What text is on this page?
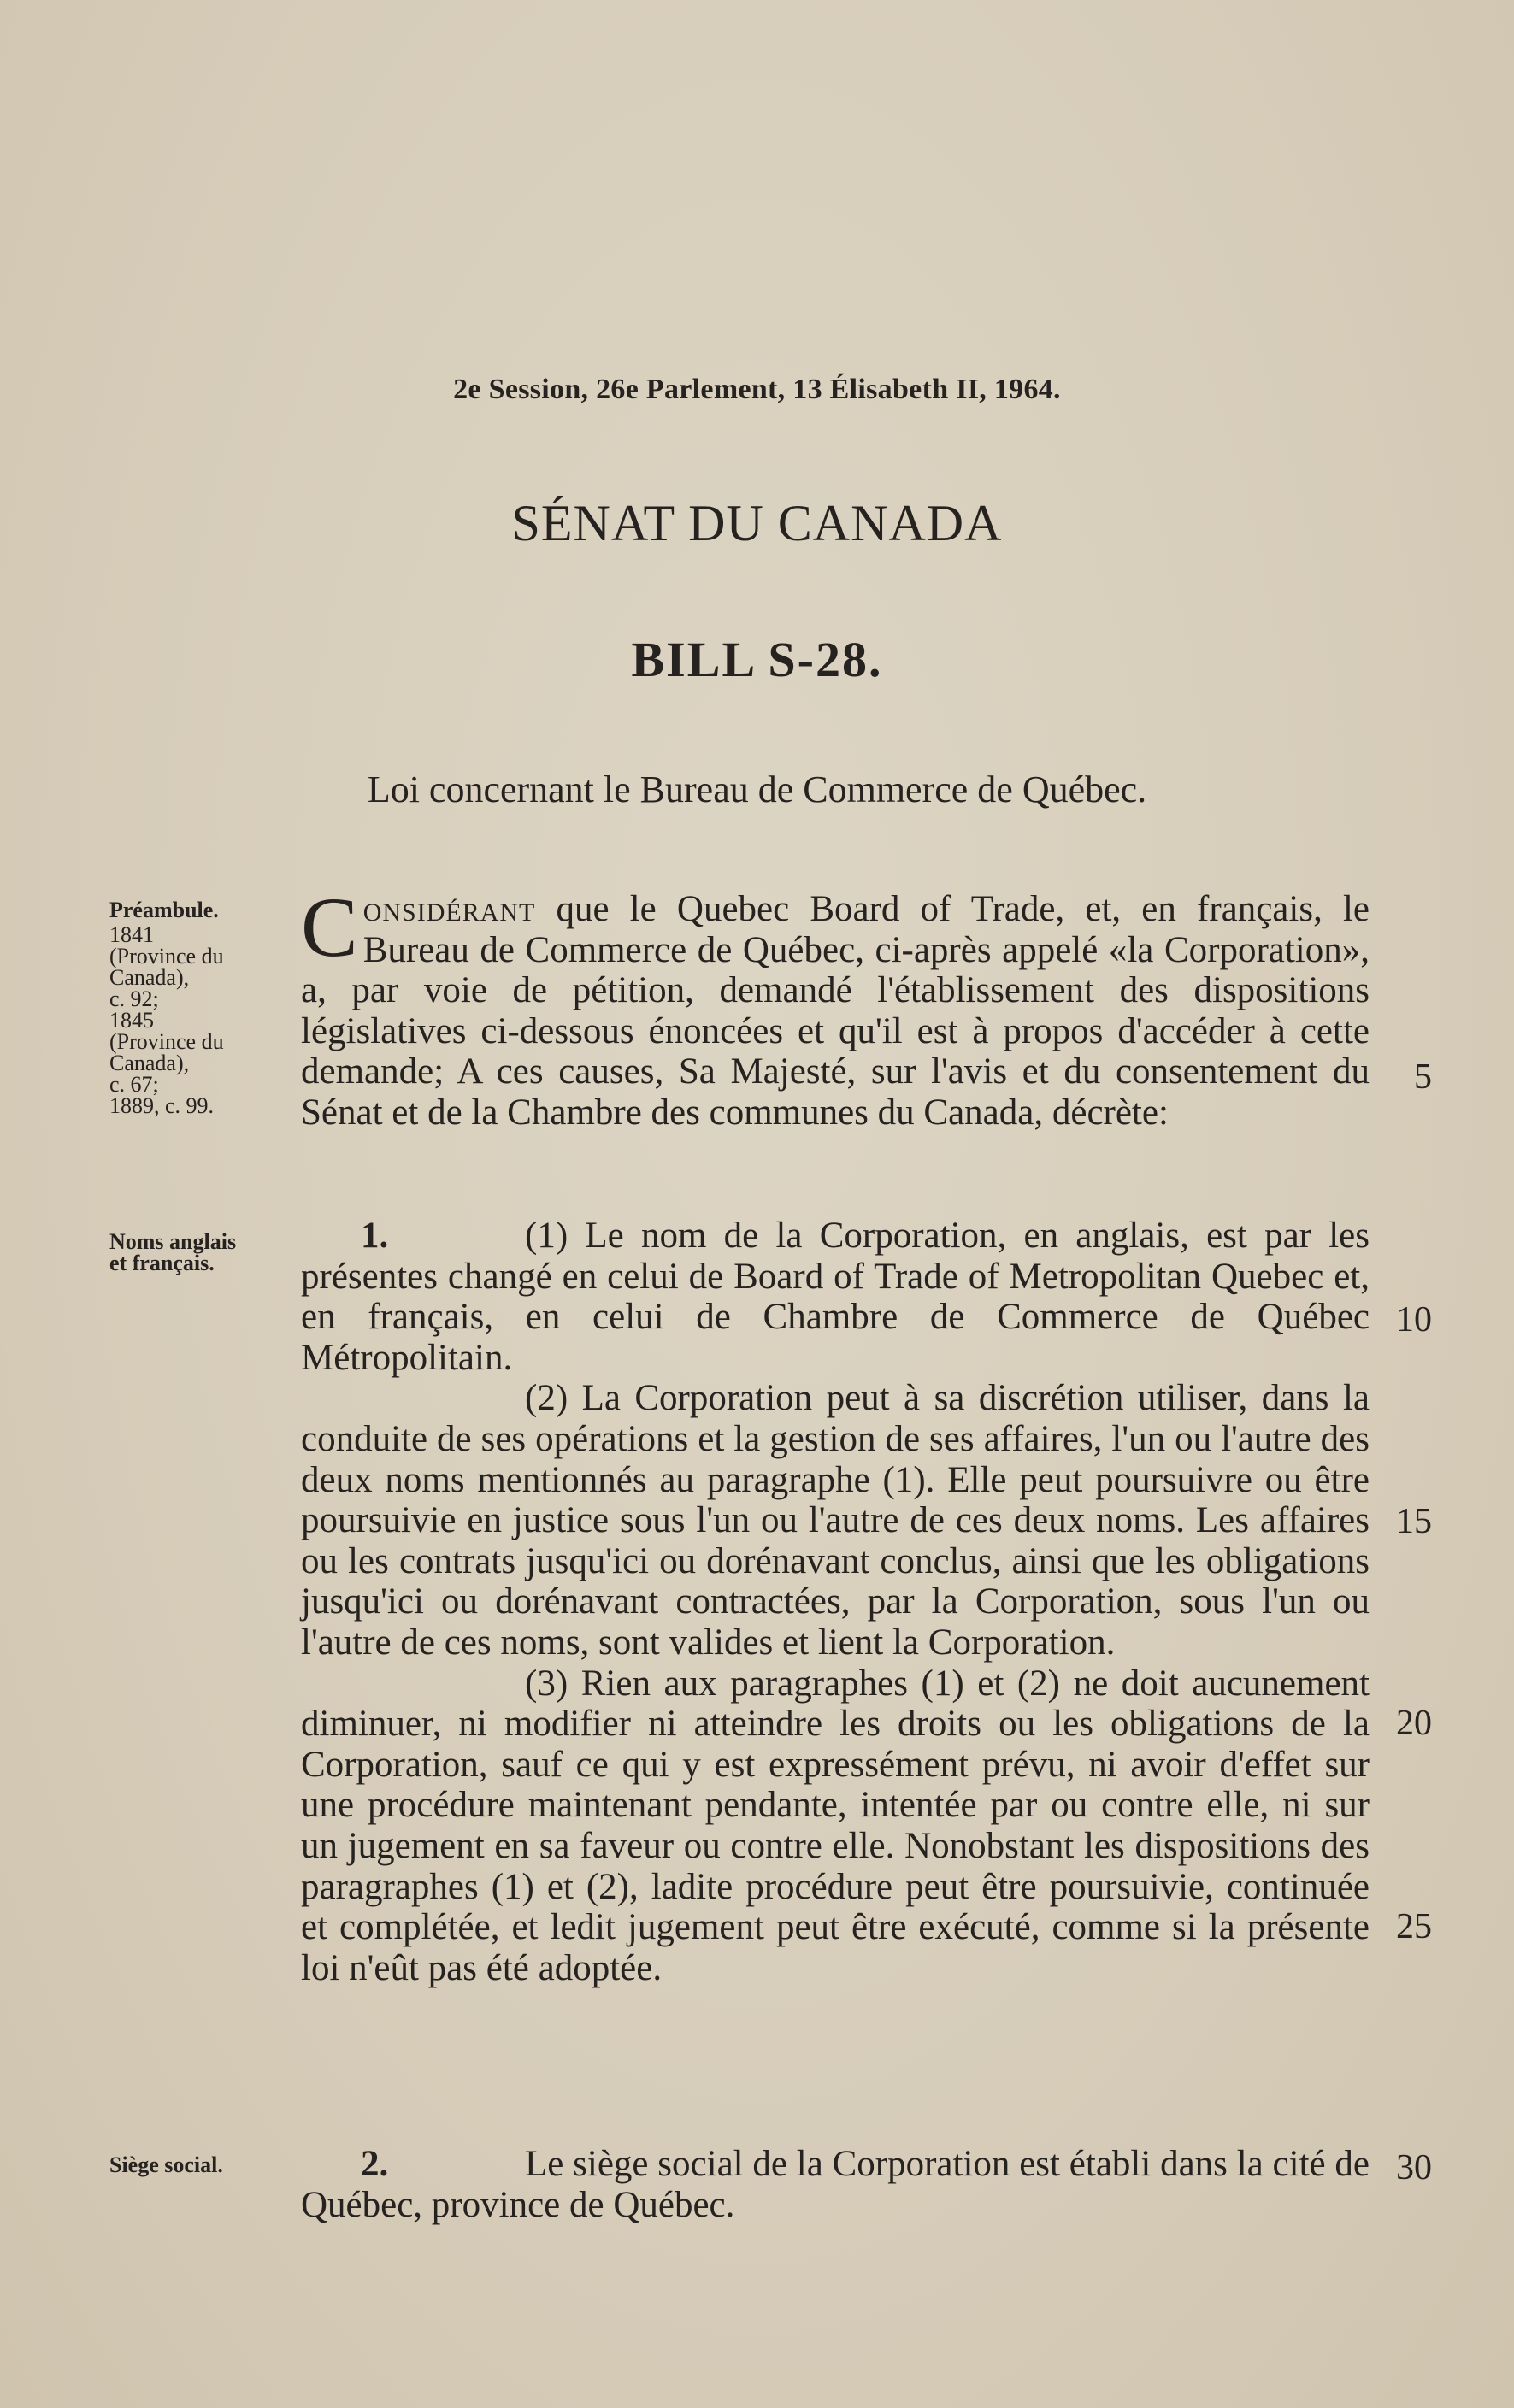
2e Session, 26e Parlement, 13 Élisabeth II, 1964.
SÉNAT DU CANADA
BILL S-28.
Loi concernant le Bureau de Commerce de Québec.
Préambule.
1841
(Province du
Canada),
c. 92;
1845
(Province du
Canada),
c. 67;
1889, c. 99.

Considérant que le Quebec Board of Trade, et, en français, le Bureau de Commerce de Québec, ci-après appelé «la Corporation», a, par voie de pétition, demandé l'établissement des dispositions législatives ci-dessous énoncées et qu'il est à propos d'accéder à cette demande; A ces causes, Sa Majesté, sur l'avis et du consentement du Sénat et de la Chambre des communes du Canada, décrète:

Noms anglais
et français.

1.	(1) Le nom de la Corporation, en anglais, est par les présentes changé en celui de Board of Trade of Metropolitan Quebec et, en français, en celui de Chambre de Commerce de Québec Métropolitain.

(2) La Corporation peut à sa discrétion utiliser, dans la conduite de ses opérations et la gestion de ses affaires, l'un ou l'autre des deux noms mentionnés au paragraphe (1). Elle peut poursuivre ou être poursuivie en justice sous l'un ou l'autre de ces deux noms. Les affaires ou les contrats jusqu'ici ou dorénavant conclus, ainsi que les obligations jusqu'ici ou dorénavant contractées, par la Corporation, sous l'un ou l'autre de ces noms, sont valides et lient la Corporation.

(3) Rien aux paragraphes (1) et (2) ne doit aucunement diminuer, ni modifier ni atteindre les droits ou les obligations de la Corporation, sauf ce qui y est expressément prévu, ni avoir d'effet sur une procédure maintenant pendante, intentée par ou contre elle, ni sur un jugement en sa faveur ou contre elle. Nonobstant les dispositions des paragraphes (1) et (2), ladite procédure peut être poursuivie, continuée et complétée, et ledit jugement peut être exécuté, comme si la présente loi n'eût pas été adoptée.

Siège social.	2.	Le siège social de la Corporation est établi dans la cité de Québec, province de Québec.

5
10
15
20
25
30
